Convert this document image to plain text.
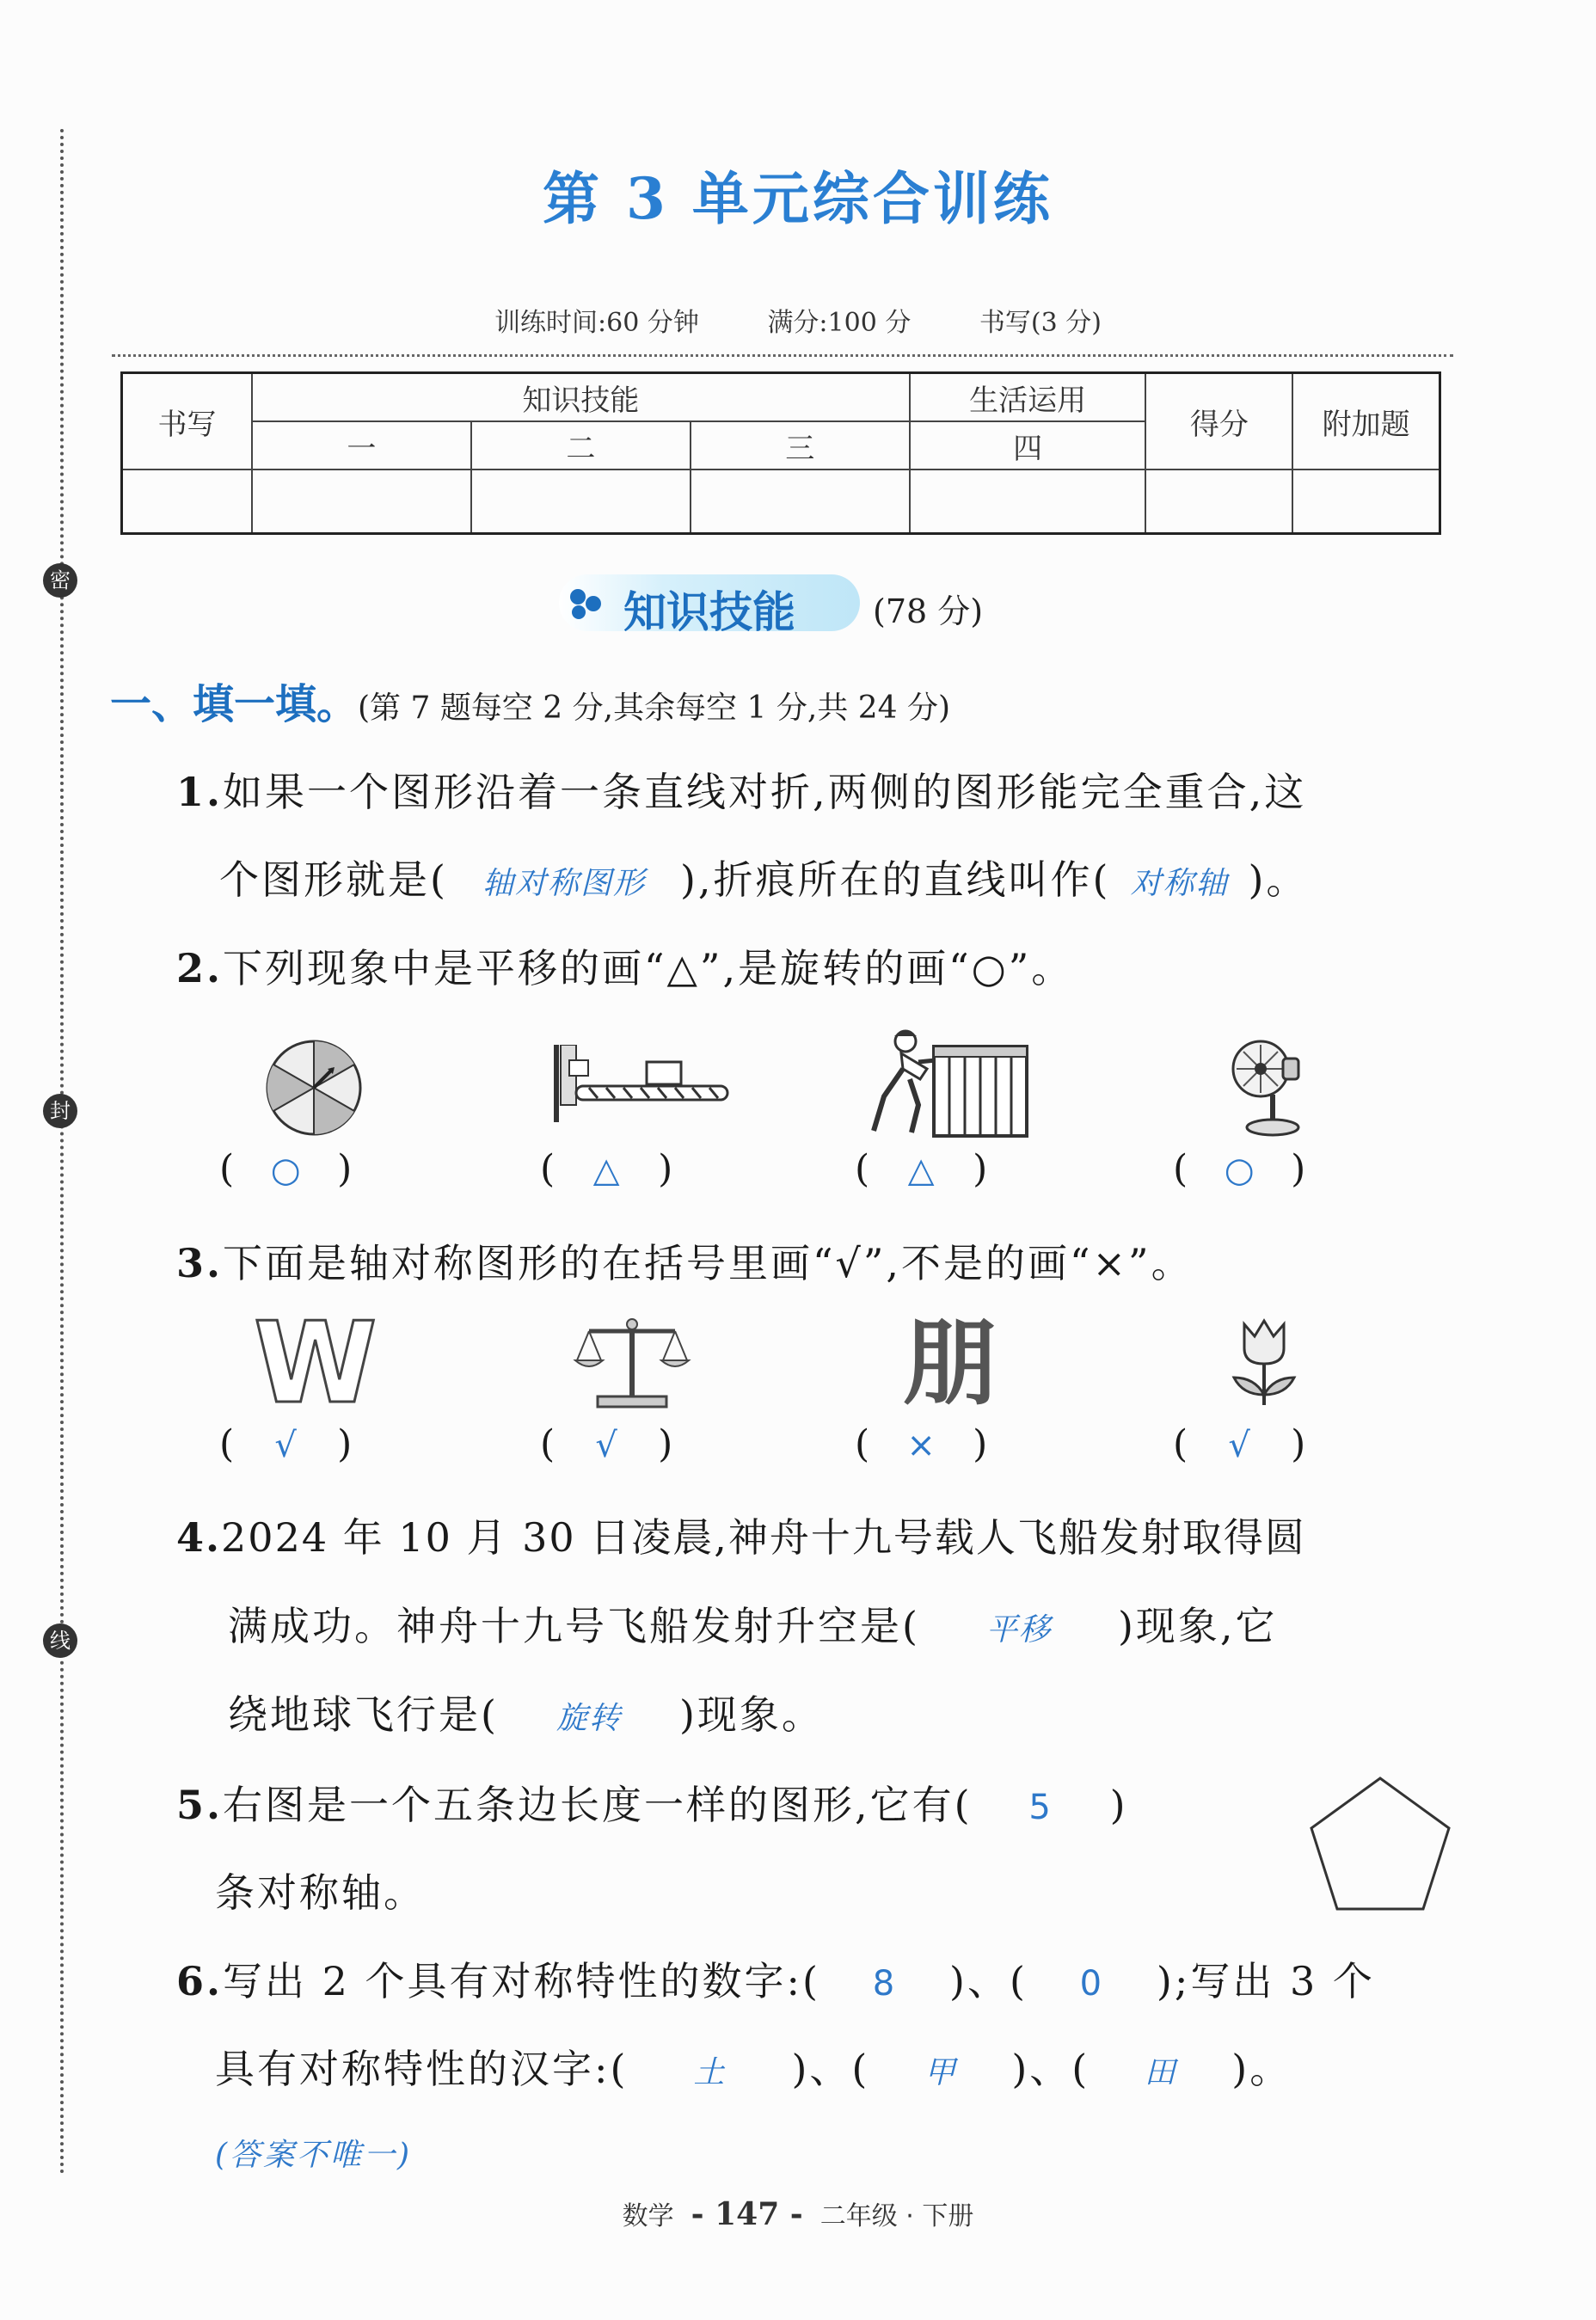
密
封
线
第 3 单元综合训练
训练时间:60 分钟	满分:100 分	书写(3 分)
书写	知识技能			生活运用	得分	附加题
	一	二	三	四		

知识技能 (78 分)
一、填一填。(第 7 题每空 2 分,其余每空 1 分,共 24 分)
1.如果一个图形沿着一条直线对折,两侧的图形能完全重合,这
个图形就是( 轴对称图形 ),折痕所在的直线叫作( 对称轴 )。
2.下列现象中是平移的画“△”,是旋转的画“○”。
( ○ )	( △ )	( △ )	( ○ )
3.下面是轴对称图形的在括号里画“√”,不是的画“×”。
W	朋
( √ )	( √ )	( × )	( √ )
4.2024 年 10 月 30 日凌晨,神舟十九号载人飞船发射取得圆
满成功。神舟十九号飞船发射升空是( 平移 )现象,它
绕地球飞行是( 旋转 )现象。
5.右图是一个五条边长度一样的图形,它有( 5 )
条对称轴。
6.写出 2 个具有对称特性的数字:( 8 )、( 0 );写出 3 个
具有对称特性的汉字:( 土 )、( 甲 )、( 田 )。
(答案不唯一)
数学 - 147 - 二年级 · 下册
